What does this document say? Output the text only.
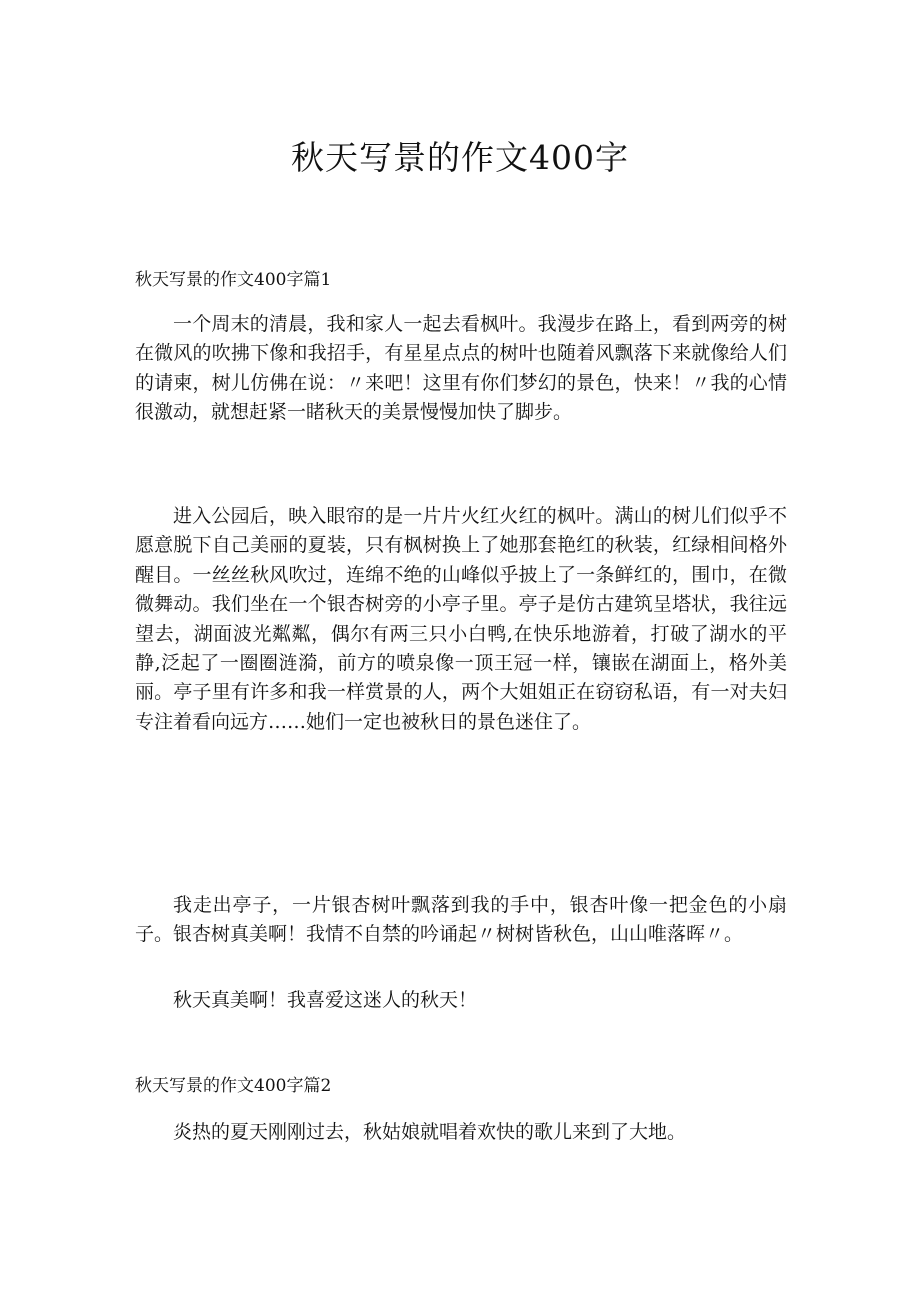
秋天写景的作文400字
秋天写景的作文400字篇1

一个周末的清晨，我和家人一起去看枫叶。我漫步在路上，看到两旁的树在微风的吹拂下像和我招手，有星星点点的树叶也随着风飘落下来就像给人们的请柬，树儿仿佛在说：〃来吧！这里有你们梦幻的景色，快来！〃我的心情很激动，就想赶紧一睹秋天的美景慢慢加快了脚步。

进入公园后，映入眼帘的是一片片火红火红的枫叶。满山的树儿们似乎不愿意脱下自己美丽的夏装，只有枫树换上了她那套艳红的秋装，红绿相间格外醒目。一丝丝秋风吹过，连绵不绝的山峰似乎披上了一条鲜红的，围巾，在微微舞动。我们坐在一个银杏树旁的小亭子里。亭子是仿古建筑呈塔状，我往远望去，湖面波光粼粼，偶尔有两三只小白鸭,在快乐地游着，打破了湖水的平静,泛起了一圈圈涟漪，前方的喷泉像一顶王冠一样，镶嵌在湖面上，格外美丽。亭子里有许多和我一样赏景的人，两个大姐姐正在窃窃私语，有一对夫妇专注着看向远方……她们一定也被秋日的景色迷住了。

我走出亭子，一片银杏树叶飘落到我的手中，银杏叶像一把金色的小扇子。银杏树真美啊！我情不自禁的吟诵起〃树树皆秋色，山山唯落晖〃。

秋天真美啊！我喜爱这迷人的秋天！

秋天写景的作文400字篇2

炎热的夏天刚刚过去，秋姑娘就唱着欢快的歌儿来到了大地。
